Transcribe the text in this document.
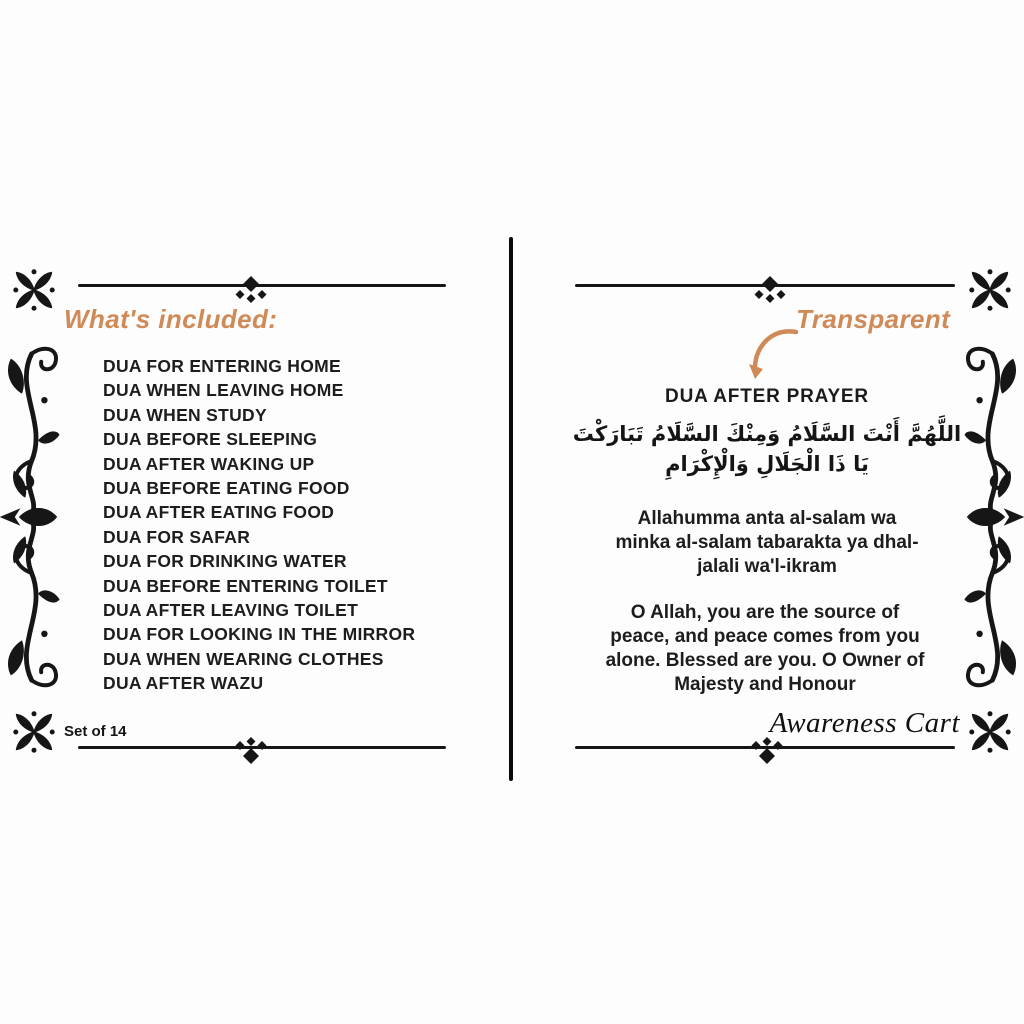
What's included:
DUA FOR ENTERING HOME
DUA WHEN LEAVING HOME
DUA WHEN STUDY
DUA BEFORE SLEEPING
DUA AFTER WAKING UP
DUA BEFORE EATING FOOD
DUA AFTER EATING FOOD
DUA FOR SAFAR
DUA FOR DRINKING WATER
DUA BEFORE ENTERING TOILET
DUA AFTER LEAVING TOILET
DUA FOR LOOKING IN THE MIRROR
DUA WHEN WEARING CLOTHES
DUA AFTER WAZU
Set of 14
Transparent
DUA AFTER PRAYER
اللَّهُمَّ أَنْتَ السَّلَامُ وَمِنْكَ السَّلَامُ تَبَارَكْتَ يَا ذَا الْجَلَالِ وَالْإِكْرَامِ
Allahumma anta al-salam wa minka al-salam tabarakta ya dhal-jalali wa'l-ikram
O Allah, you are the source of peace, and peace comes from you alone. Blessed are you. O Owner of Majesty and Honour
Awareness Cart
